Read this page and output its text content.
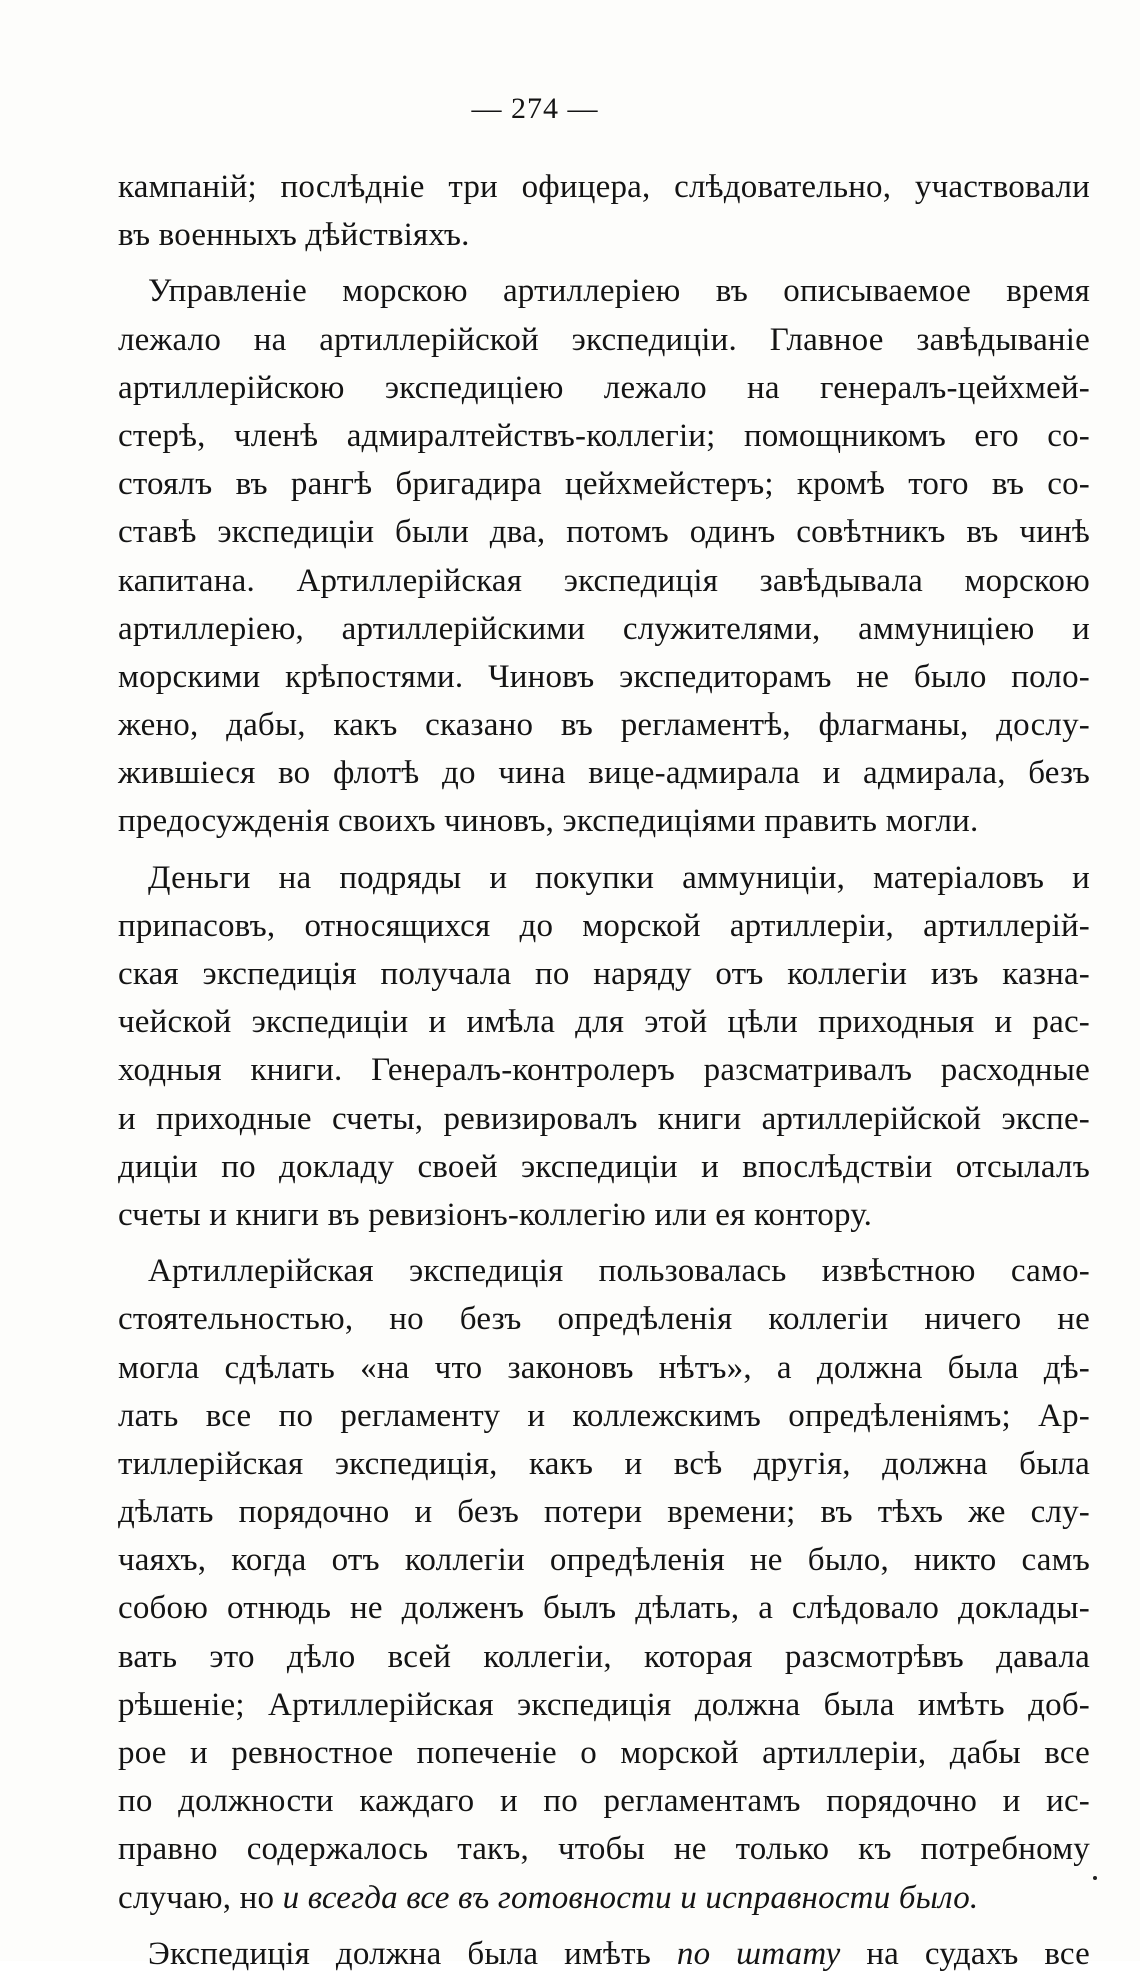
— 274 —
кампаній; послѣдніе три офицера, слѣдовательно, участвовали
въ военныхъ дѣйствіяхъ.
Управленіе морскою артиллеріею въ описываемое время
лежало на артиллерійской экспедиціи. Главное завѣдываніе
артиллерійскою экспедиціею лежало на генералъ-цейхмей-
стерѣ, членѣ адмиралтействъ-коллегіи; помощникомъ его со-
стоялъ въ рангѣ бригадира цейхмейстеръ; кромѣ того въ со-
ставѣ экспедиціи были два, потомъ одинъ совѣтникъ въ чинѣ
капитана. Артиллерійская экспедиція завѣдывала морскою
артиллеріею, артиллерійскими служителями, аммуниціею и
морскими крѣпостями. Чиновъ экспедиторамъ не было поло-
жено, дабы, какъ сказано въ регламентѣ, флагманы, дослу-
жившіеся во флотѣ до чина вице-адмирала и адмирала, безъ
предосужденія своихъ чиновъ, экспедиціями править могли.
Деньги на подряды и покупки аммуниціи, матеріаловъ и
припасовъ, относящихся до морской артиллеріи, артиллерій-
ская экспедиція получала по наряду отъ коллегіи изъ казна-
чейской экспедиціи и имѣла для этой цѣли приходныя и рас-
ходныя книги. Генералъ-контролеръ разсматривалъ расходные
и приходные счеты, ревизировалъ книги артиллерійской экспе-
диціи по докладу своей экспедиціи и впослѣдствіи отсылалъ
счеты и книги въ ревизіонъ-коллегію или ея контору.
Артиллерійская экспедиція пользовалась извѣстною само-
стоятельностью, но безъ опредѣленія коллегіи ничего не
могла сдѣлать «на что законовъ нѣтъ», а должна была дѣ-
лать все по регламенту и коллежскимъ опредѣленіямъ; Ар-
тиллерійская экспедиція, какъ и всѣ другія, должна была
дѣлать порядочно и безъ потери времени; въ тѣхъ же слу-
чаяхъ, когда отъ коллегіи опредѣленія не было, никто самъ
собою отнюдь не долженъ былъ дѣлать, а слѣдовало доклады-
вать это дѣло всей коллегіи, которая разсмотрѣвъ давала
рѣшеніе; Артиллерійская экспедиція должна была имѣть доб-
рое и ревностное попеченіе о морской артиллеріи, дабы все
по должности каждаго и по регламентамъ порядочно и ис-
правно содержалось такъ, чтобы не только къ потребному
случаю, но и всегда все въ готовности и исправности было.
Экспедиція должна была имѣть по штату на судахъ все
